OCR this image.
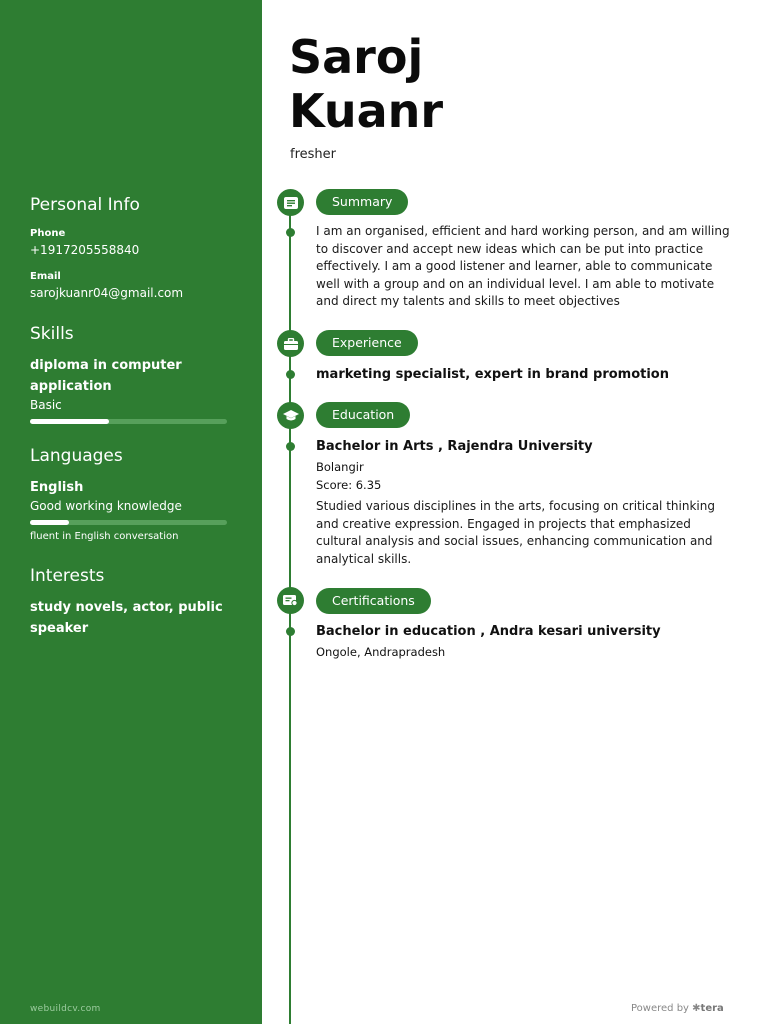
Personal Info
Phone
+1917205558840
Email
sarojkuanr04@gmail.com
Skills
diploma in computer application
Basic
Languages
English
Good working knowledge
fluent in English conversation
Interests
study novels, actor, public speaker
webuildcv.com
Saroj
Kuanr
fresher
Summary
I am an organised, efficient and hard working person, and am willing to discover and accept new ideas which can be put into practice effectively. I am a good listener and learner, able to communicate well with a group and on an individual level. I am able to motivate and direct my talents and skills to meet objectives
Experience
marketing specialist, expert in brand promotion
Education
Bachelor in Arts , Rajendra University
Bolangir
Score: 6.35
Studied various disciplines in the arts, focusing on critical thinking and creative expression. Engaged in projects that emphasized cultural analysis and social issues, enhancing communication and analytical skills.
Certifications
Bachelor in education , Andra kesari university
Ongole, Andrapradesh
Powered by ✱tera
